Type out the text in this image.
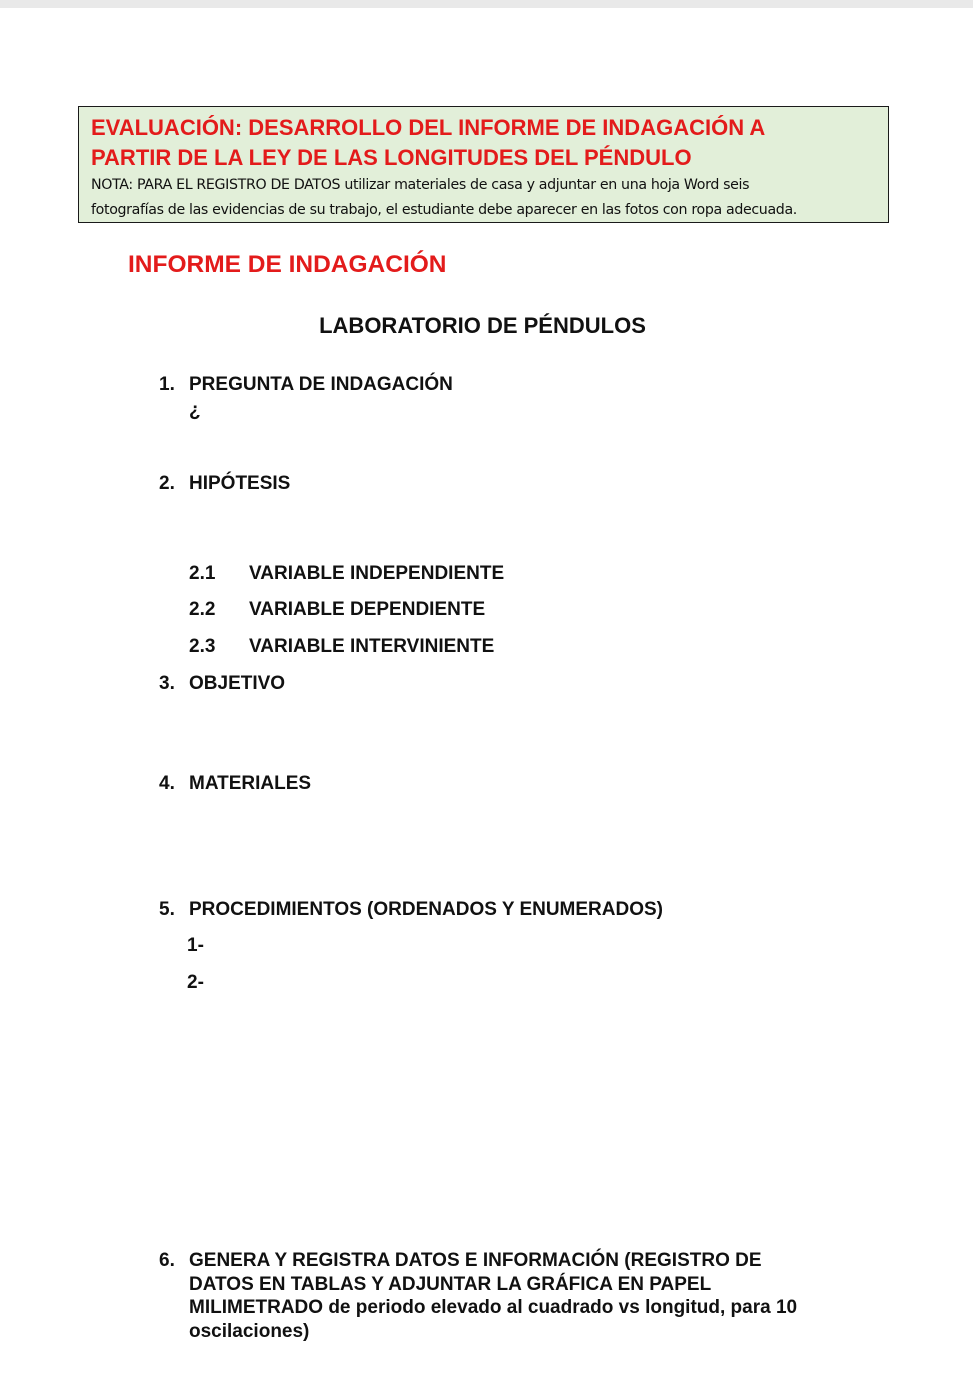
EVALUACIÓN: DESARROLLO DEL INFORME DE INDAGACIÓN A

PARTIR DE LA LEY DE LAS LONGITUDES DEL PÉNDULO

NOTA: PARA EL REGISTRO DE DATOS utilizar materiales de casa y adjuntar en una hoja Word seis

fotografías de las evidencias de su trabajo, el estudiante debe aparecer en las fotos con ropa adecuada.

INFORME DE INDAGACIÓN

LABORATORIO DE PÉNDULOS

1. PREGUNTA DE INDAGACIÓN
¿
2. HIPÓTESIS
2.1 VARIABLE INDEPENDIENTE
2.2 VARIABLE DEPENDIENTE
2.3 VARIABLE INTERVINIENTE
3. OBJETIVO
4. MATERIALES
5. PROCEDIMIENTOS (ORDENADOS Y ENUMERADOS)
1-
2-
6. GENERA Y REGISTRA DATOS E INFORMACIÓN (REGISTRO DE
DATOS EN TABLAS Y ADJUNTAR LA GRÁFICA EN PAPEL
MILIMETRADO de periodo elevado al cuadrado vs longitud, para 10
oscilaciones)
